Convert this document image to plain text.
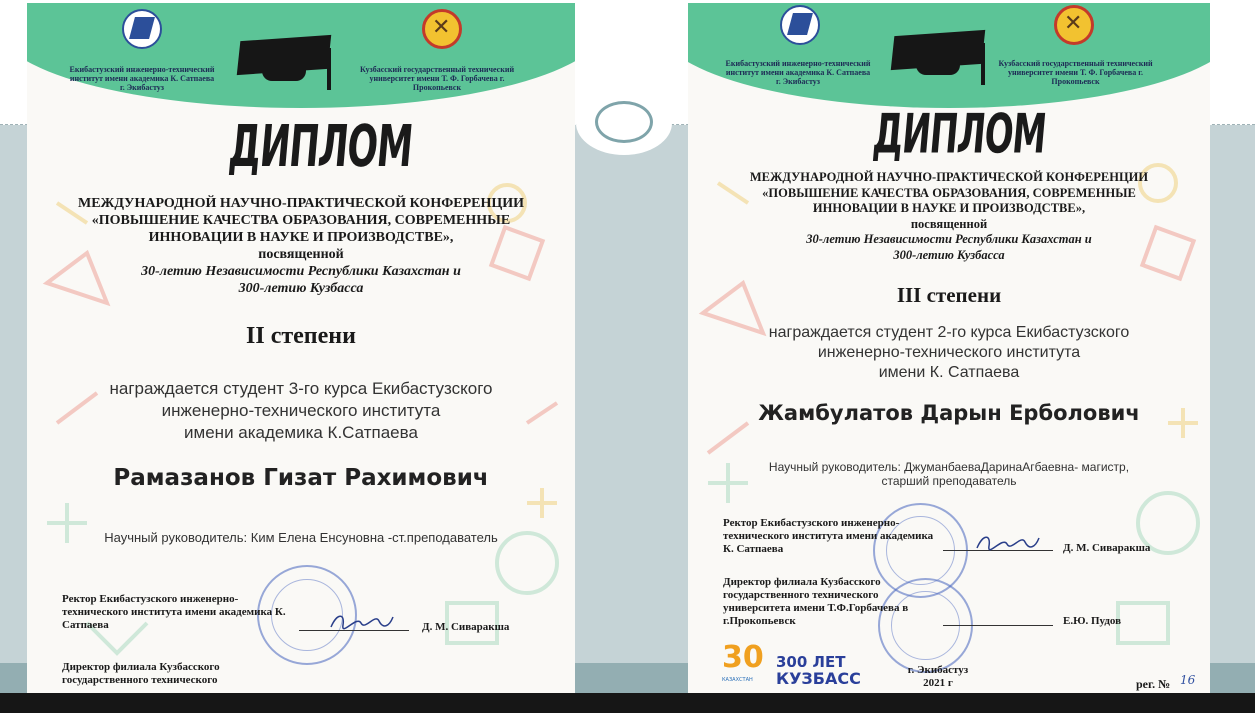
✕
Екибастузский инженерно-технический институт имени академика К. Сатпаева г. Экибастуз
Кузбасский государственный технический университет имени Т. Ф. Горбачева г. Прокопьевск
ДИПЛОМ
МЕЖДУНАРОДНОЙ НАУЧНО-ПРАКТИЧЕСКОЙ КОНФЕРЕНЦИИ
«ПОВЫШЕНИЕ КАЧЕСТВА ОБРАЗОВАНИЯ, СОВРЕМЕННЫЕ
ИННОВАЦИИ В НАУКЕ И ПРОИЗВОДСТВЕ»,
посвященной
30-летию Независимости Республики Казахстан и
300-летию Кузбасса
II степени
награждается студент 3-го курса Екибастузского
инженерно-технического института
имени академика К.Сатпаева
Рамазанов Гизат Рахимович
Научный руководитель: Ким Елена Енсуновна -ст.преподаватель
Ректор Екибастузского инженерно-технического института имени академика К. Сатпаева	Д. М. Сиваракша
Директор филиала Кузбасского государственного технического
✕
Екибастузский инженерно-технический институт имени академика К. Сатпаева г. Экибастуз
Кузбасский государственный технический университет имени Т. Ф. Горбачева г. Прокопьевск
ДИПЛОМ
МЕЖДУНАРОДНОЙ НАУЧНО-ПРАКТИЧЕСКОЙ КОНФЕРЕНЦИИ
«ПОВЫШЕНИЕ КАЧЕСТВА ОБРАЗОВАНИЯ, СОВРЕМЕННЫЕ
ИННОВАЦИИ В НАУКЕ И ПРОИЗВОДСТВЕ»,
посвященной
30-летию Независимости Республики Казахстан и
300-летию Кузбасса
III степени
награждается студент 2-го курса Екибастузского
инженерно-технического института
имени К. Сатпаева
Жамбулатов Дарын Ерболович
Научный руководитель: ДжуманбаеваДаринаАгбаевна- магистр,
старший преподаватель
Ректор Екибастузского инженерно-технического института имени академика К. Сатпаева	Д. М. Сиваракша
Директор филиала Кузбасского государственного технического университета имени Т.Ф.Горбачева в г.Прокопьевск	Е.Ю. Пудов
30
КАЗАХСТАН
300 ЛЕТ
КУЗБАСС	г. Экибастуз
2021 г	рег. № 16
